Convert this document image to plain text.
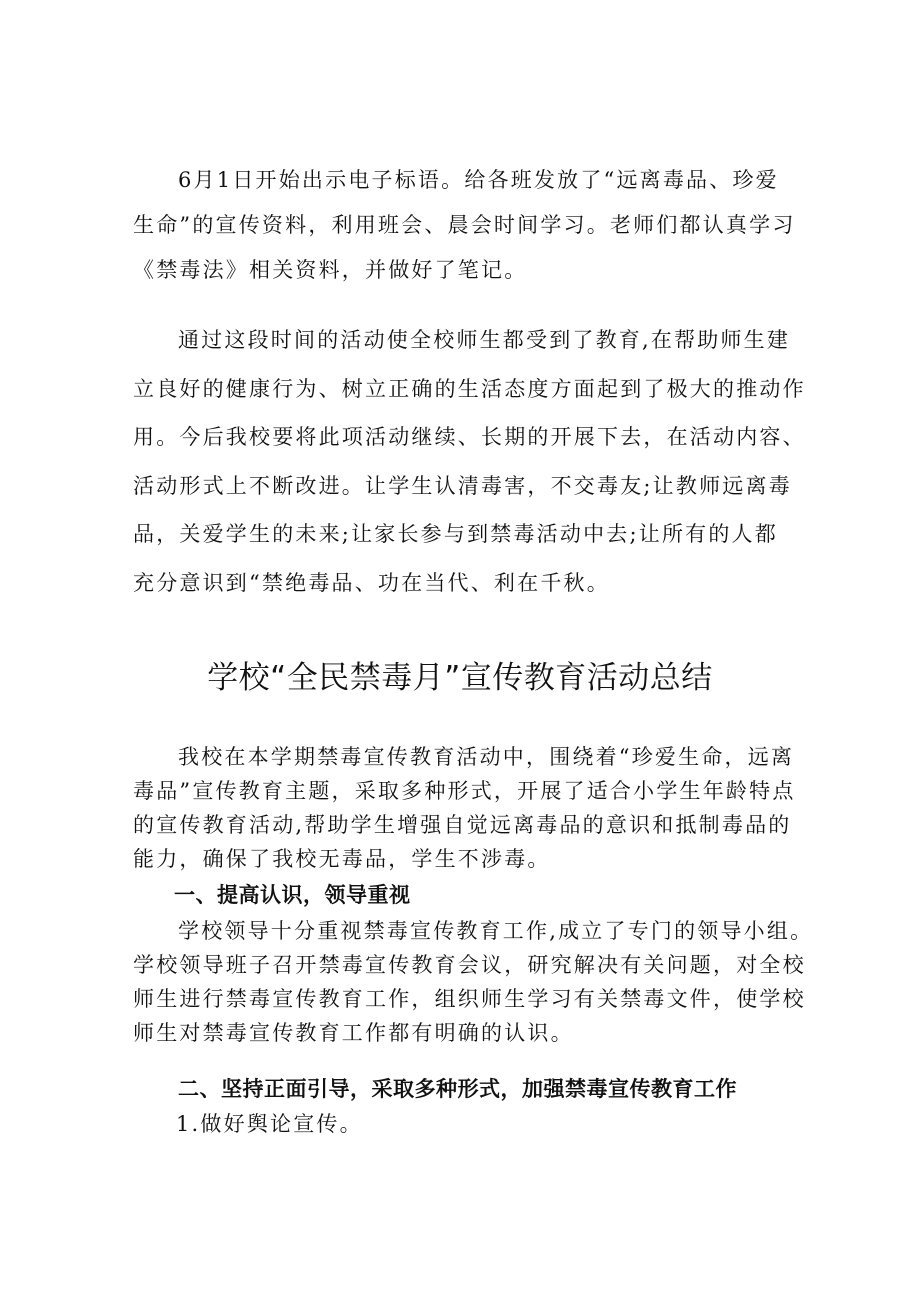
6月1日开始出示电子标语。给各班发放了“远离毒品、珍爱
生命”的宣传资料，利用班会、晨会时间学习。老师们都认真学习
《禁毒法》相关资料，并做好了笔记。
通过这段时间的活动使全校师生都受到了教育,在帮助师生建
立良好的健康行为、树立正确的生活态度方面起到了极大的推动作
用。今后我校要将此项活动继续、长期的开展下去，在活动内容、
活动形式上不断改进。让学生认清毒害，不交毒友;让教师远离毒
品，关爱学生的未来;让家长参与到禁毒活动中去;让所有的人都
充分意识到“禁绝毒品、功在当代、利在千秋。
学校“全民禁毒月”宣传教育活动总结
我校在本学期禁毒宣传教育活动中，围绕着“珍爱生命，远离
毒品”宣传教育主题，采取多种形式，开展了适合小学生年龄特点
的宣传教育活动,帮助学生增强自觉远离毒品的意识和抵制毒品的
能力，确保了我校无毒品，学生不涉毒。
一、提高认识，领导重视
学校领导十分重视禁毒宣传教育工作,成立了专门的领导小组。
学校领导班子召开禁毒宣传教育会议，研究解决有关问题，对全校
师生进行禁毒宣传教育工作，组织师生学习有关禁毒文件，使学校
师生对禁毒宣传教育工作都有明确的认识。
二、坚持正面引导，采取多种形式，加强禁毒宣传教育工作
1.做好舆论宣传。
